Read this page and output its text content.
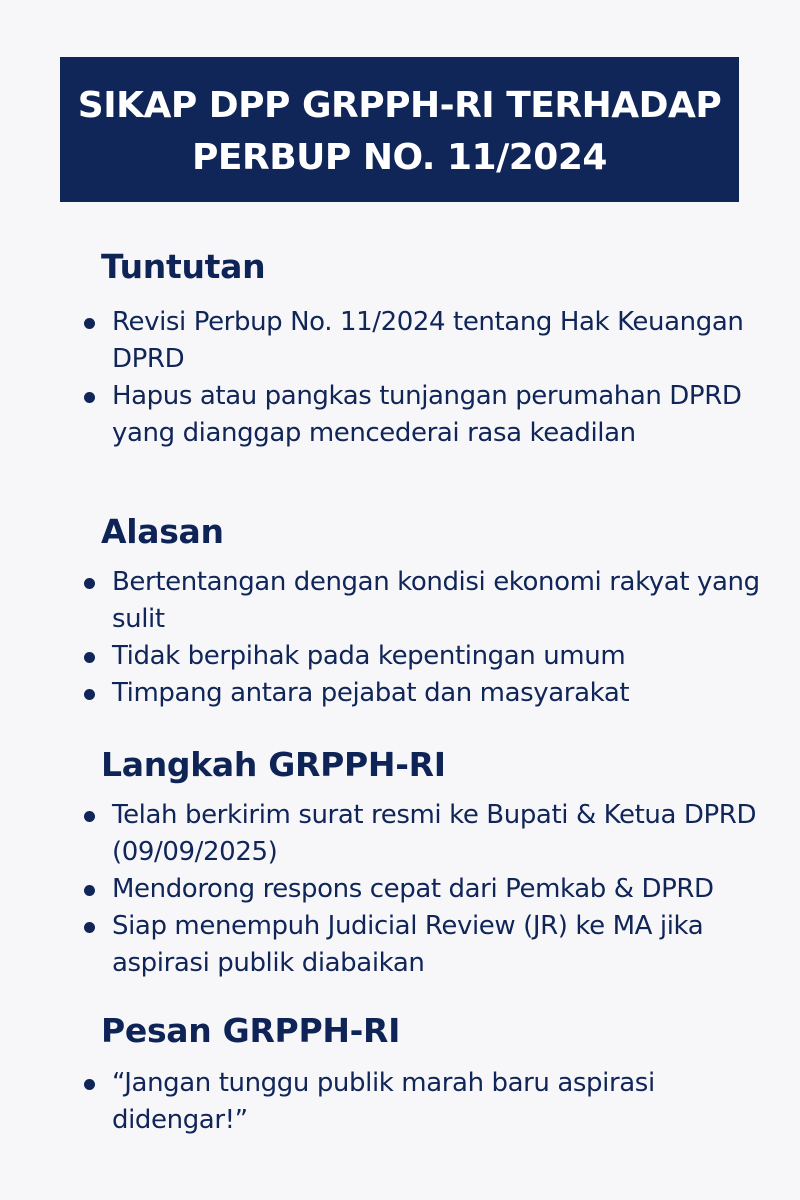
SIKAP DPP GRPPH-RI TERHADAP
PERBUP NO. 11/2024
Tuntutan
Revisi Perbup No. 11/2024 tentang Hak Keuangan DPRD
Hapus atau pangkas tunjangan perumahan DPRD yang dianggap mencederai rasa keadilan
Alasan
Bertentangan dengan kondisi ekonomi rakyat yang sulit
Tidak berpihak pada kepentingan umum
Timpang antara pejabat dan masyarakat
Langkah GRPPH-RI
Telah berkirim surat resmi ke Bupati & Ketua DPRD (09/09/2025)
Mendorong respons cepat dari Pemkab & DPRD
Siap menempuh Judicial Review (JR) ke MA jika aspirasi publik diabaikan
Pesan GRPPH-RI
“Jangan tunggu publik marah baru aspirasi didengar!”
